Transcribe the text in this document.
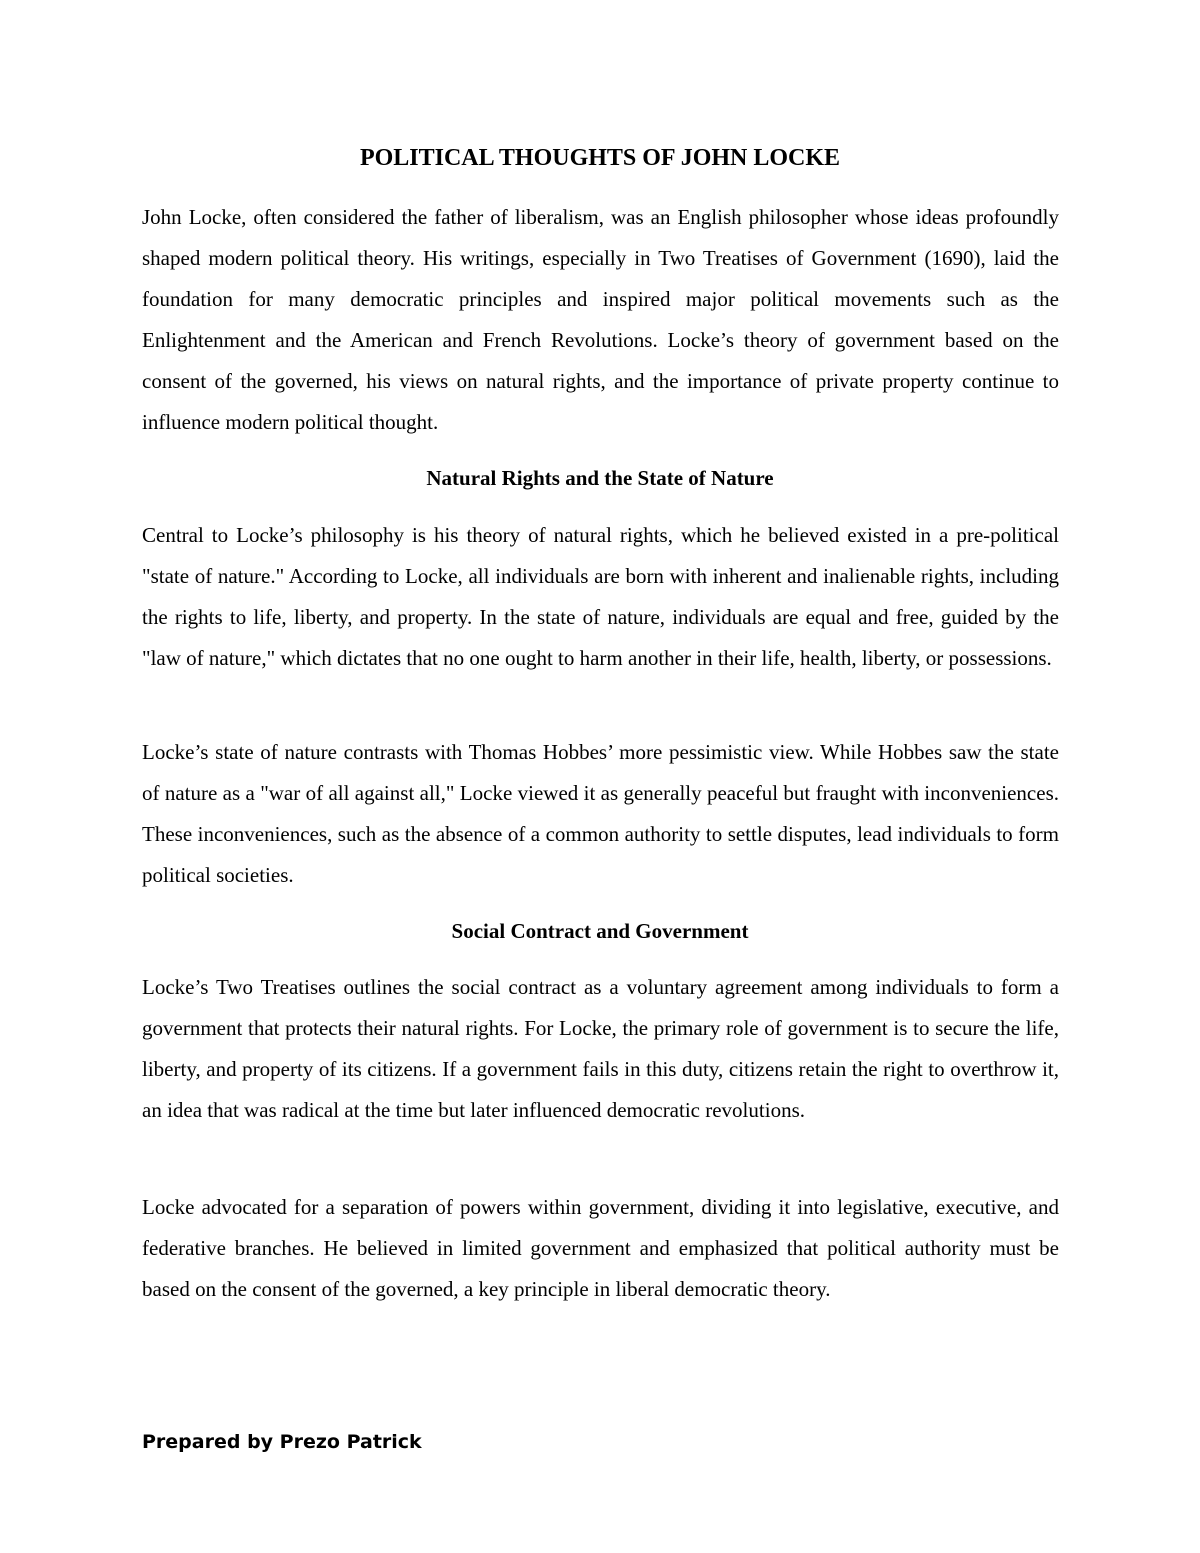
POLITICAL THOUGHTS OF JOHN LOCKE

John Locke, often considered the father of liberalism, was an English philosopher whose ideas profoundly shaped modern political theory. His writings, especially in Two Treatises of Government (1690), laid the foundation for many democratic principles and inspired major political movements such as the Enlightenment and the American and French Revolutions. Locke’s theory of government based on the consent of the governed, his views on natural rights, and the importance of private property continue to influence modern political thought.

Natural Rights and the State of Nature

Central to Locke’s philosophy is his theory of natural rights, which he believed existed in a pre-political "state of nature." According to Locke, all individuals are born with inherent and inalienable rights, including the rights to life, liberty, and property. In the state of nature, individuals are equal and free, guided by the "law of nature," which dictates that no one ought to harm another in their life, health, liberty, or possessions.

Locke’s state of nature contrasts with Thomas Hobbes’ more pessimistic view. While Hobbes saw the state of nature as a "war of all against all," Locke viewed it as generally peaceful but fraught with inconveniences. These inconveniences, such as the absence of a common authority to settle disputes, lead individuals to form political societies.

Social Contract and Government

Locke’s Two Treatises outlines the social contract as a voluntary agreement among individuals to form a government that protects their natural rights. For Locke, the primary role of government is to secure the life, liberty, and property of its citizens. If a government fails in this duty, citizens retain the right to overthrow it, an idea that was radical at the time but later influenced democratic revolutions.

Locke advocated for a separation of powers within government, dividing it into legislative, executive, and federative branches. He believed in limited government and emphasized that political authority must be based on the consent of the governed, a key principle in liberal democratic theory.

Prepared by Prezo Patrick
